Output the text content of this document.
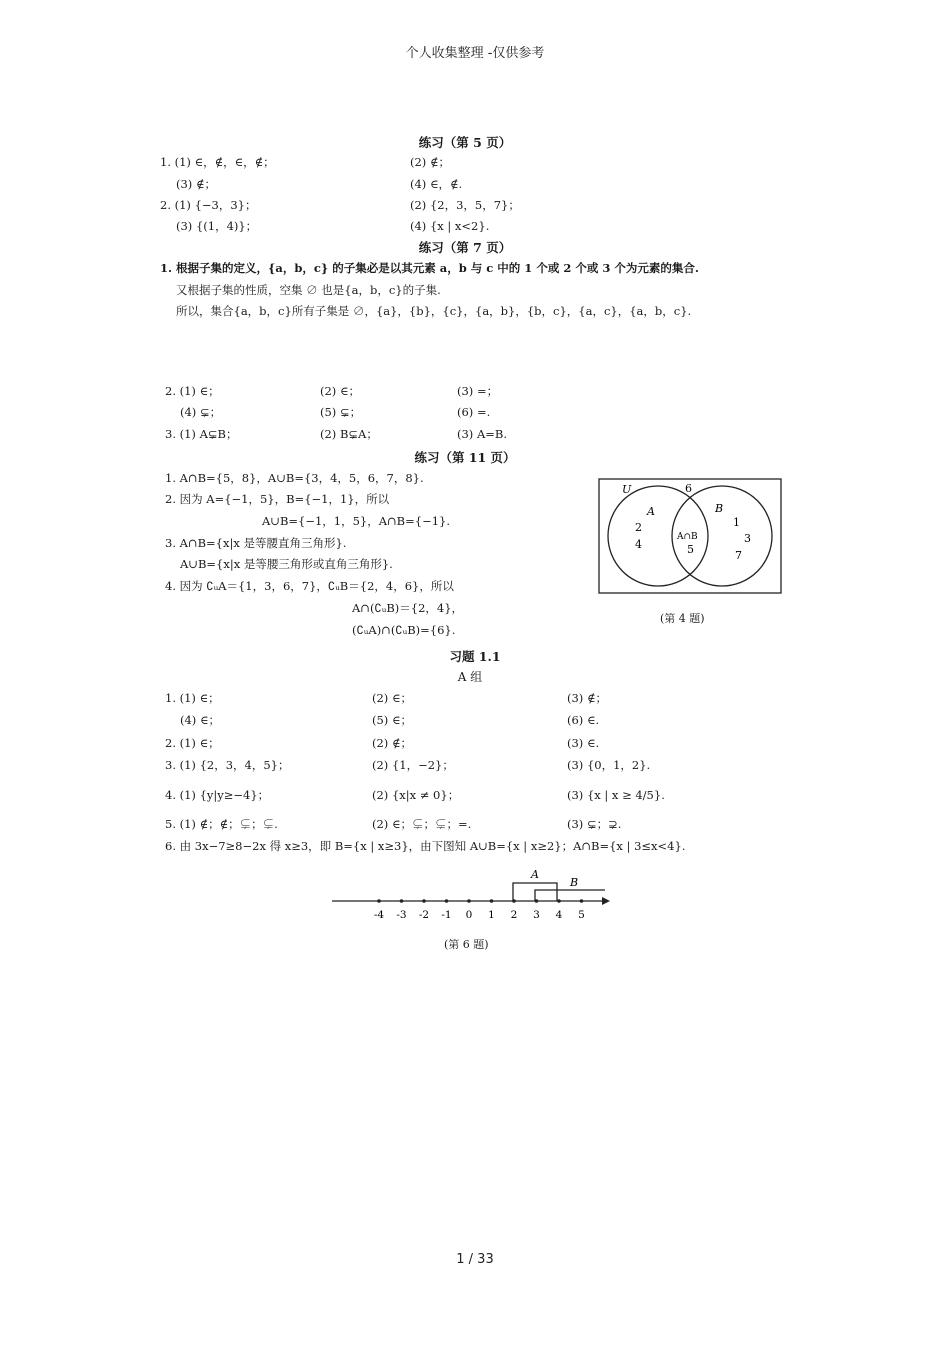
个人收集整理 -仅供参考
练习（第 5 页）
1. (1) ∈，∉，∈，∉；	(2) ∉；
(3) ∉；	(4) ∈，∉.
2. (1) {−3，3}；	(2) {2，3，5，7}；
(3) {(1，4)}；	(4) {x | x<2}.
练习（第 7 页）
1. 根据子集的定义，{a，b，c} 的子集必是以其元素 a，b 与 c 中的 1 个或 2 个或 3 个为元素的集合.
又根据子集的性质，空集 ∅ 也是{a，b，c}的子集.
所以，集合{a，b，c}所有子集是 ∅，{a}，{b}，{c}，{a，b}，{b，c}，{a，c}，{a，b，c}.
2. (1) ∈；	(2) ∈；	(3) =；
(4) ⊊；	(5) ⊊；	(6) =.
3. (1) A⊊B；	(2) B⊊A；	(3) A=B.
练习（第 11 页）
1. A∩B={5，8}，A∪B={3，4，5，6，7，8}.
2. 因为 A={−1，5}，B={−1，1}，所以
A∪B={−1，1，5}，A∩B={−1}.
3. A∩B={x|x 是等腰直角三角形}.
A∪B={x|x 是等腰三角形或直角三角形}.
4. 因为 ∁ᵤA＝{1，3，6，7}，∁ᵤB＝{2，4，6}，所以
A∩(∁ᵤB)＝{2，4}，
(∁ᵤA)∩(∁ᵤB)={6}.
U	6
A	B
2
4
A∩B
5
1
3
7
(第 4 题)
习题 1.1
A 组
1. (1) ∈；	(2) ∈；	(3) ∉；
(4) ∈；	(5) ∈；	(6) ∈.
2. (1) ∈；	(2) ∉；	(3) ∈.
3. (1) {2，3，4，5}；	(2) {1，−2}；	(3) {0，1，2}.
4. (1) {y|y≥−4}；	(2) {x|x ≠ 0}；	(3) {x | x ≥ 4/5}.
5. (1) ∉；∉；⊊；⊊.	(2) ∈；⊊；⊊；=.	(3) ⊊；⊋.
6. 由 3x−7≥8−2x 得 x≥3，即 B={x | x≥3}，由下图知 A∪B={x | x≥2}；A∩B={x | 3≤x<4}.
A
B
-4 -3 -2 -1 0 1 2 3 4 5
(第 6 题)
1 / 33
